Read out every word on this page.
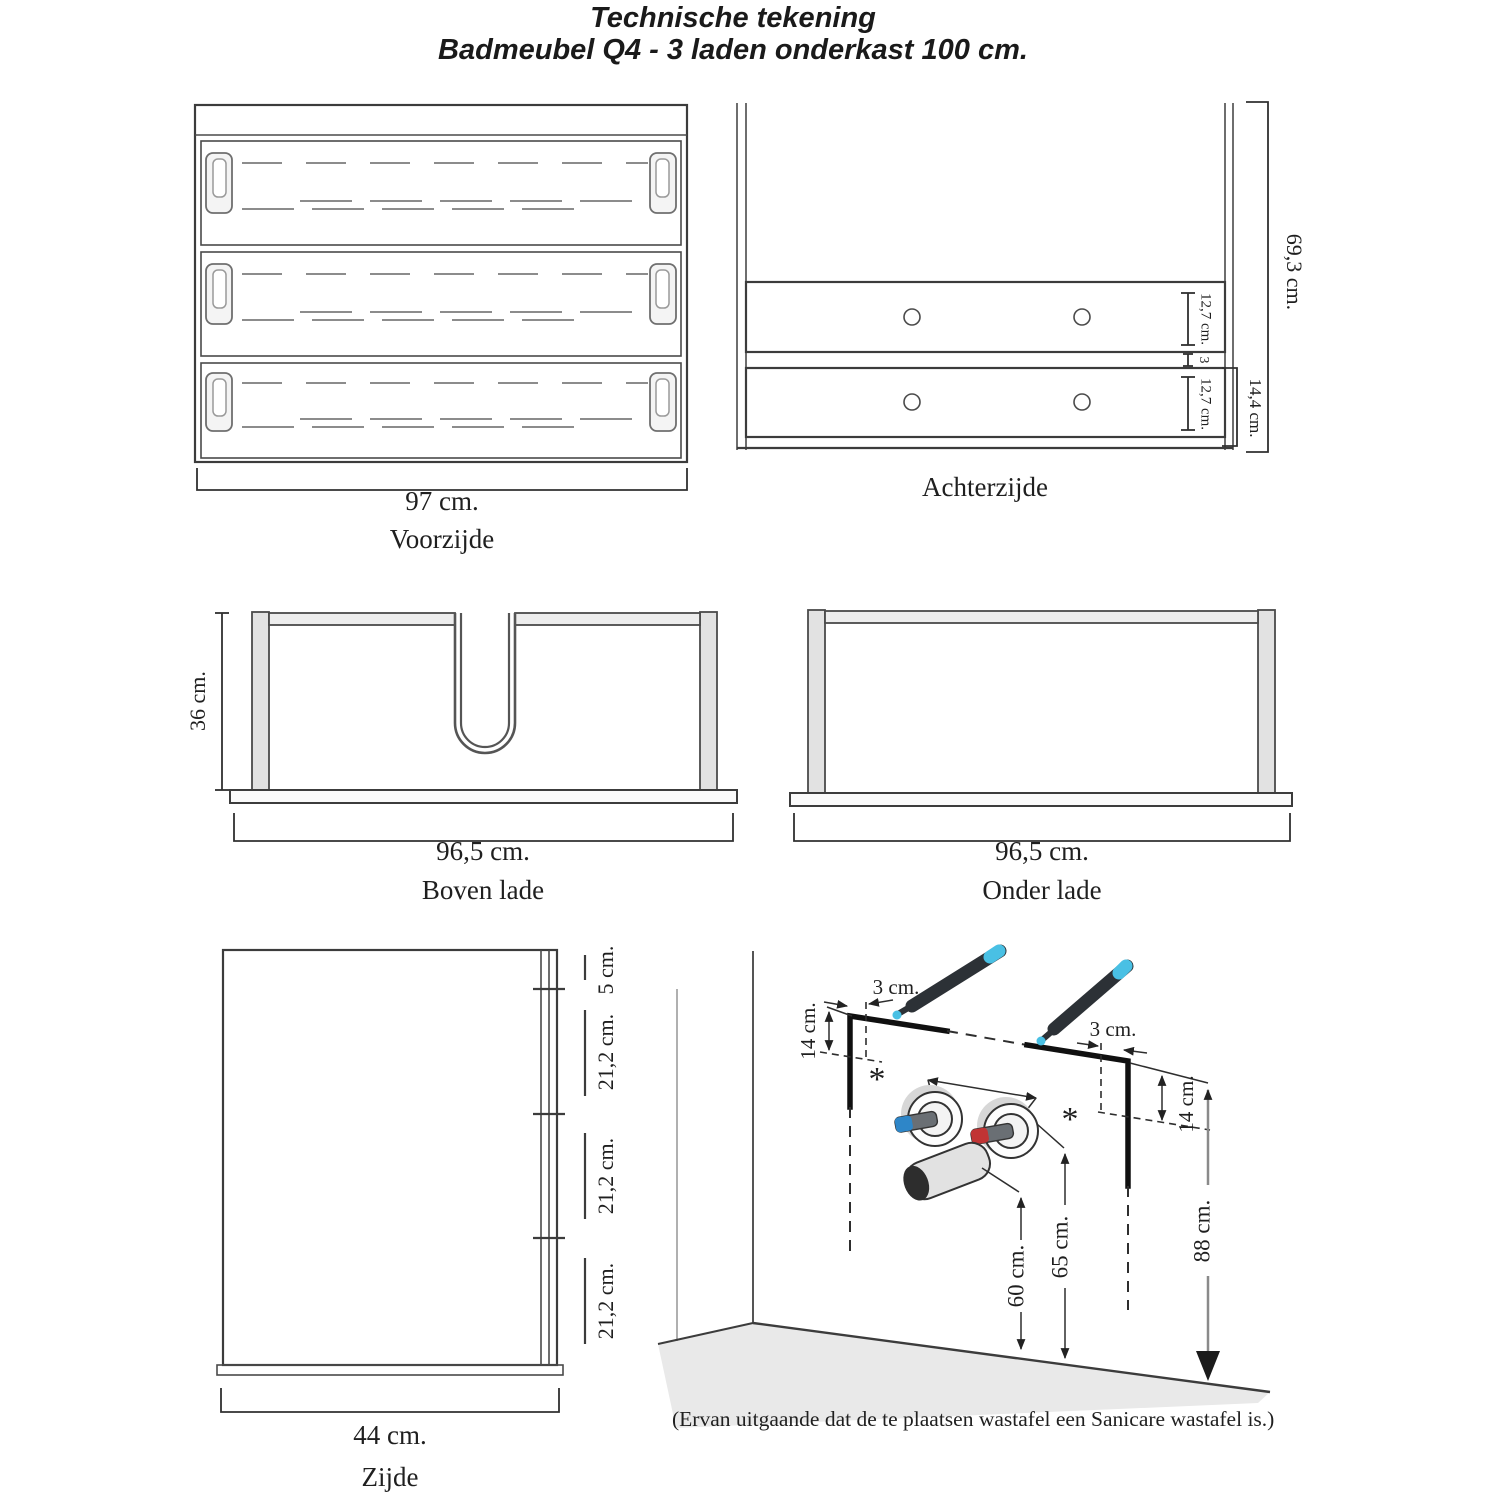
Technische tekening
Badmeubel Q4 - 3 laden onderkast 100 cm.
97 cm.
Voorzijde
12,7 cm.
3
12,7 cm. 14,4 cm.
69,3 cm.
Achterzijde
36 cm.
96,5 cm.
Boven lade
96,5 cm.
Onder lade
5 cm.
21,2 cm.
21,2 cm.
21,2 cm.
44 cm.
Zijde
3 cm.
14 cm.	3 cm.
14 cm.
*
*
60 cm. 65 cm.	88 cm.
(Ervan uitgaande dat de te plaatsen wastafel een Sanicare wastafel is.)
